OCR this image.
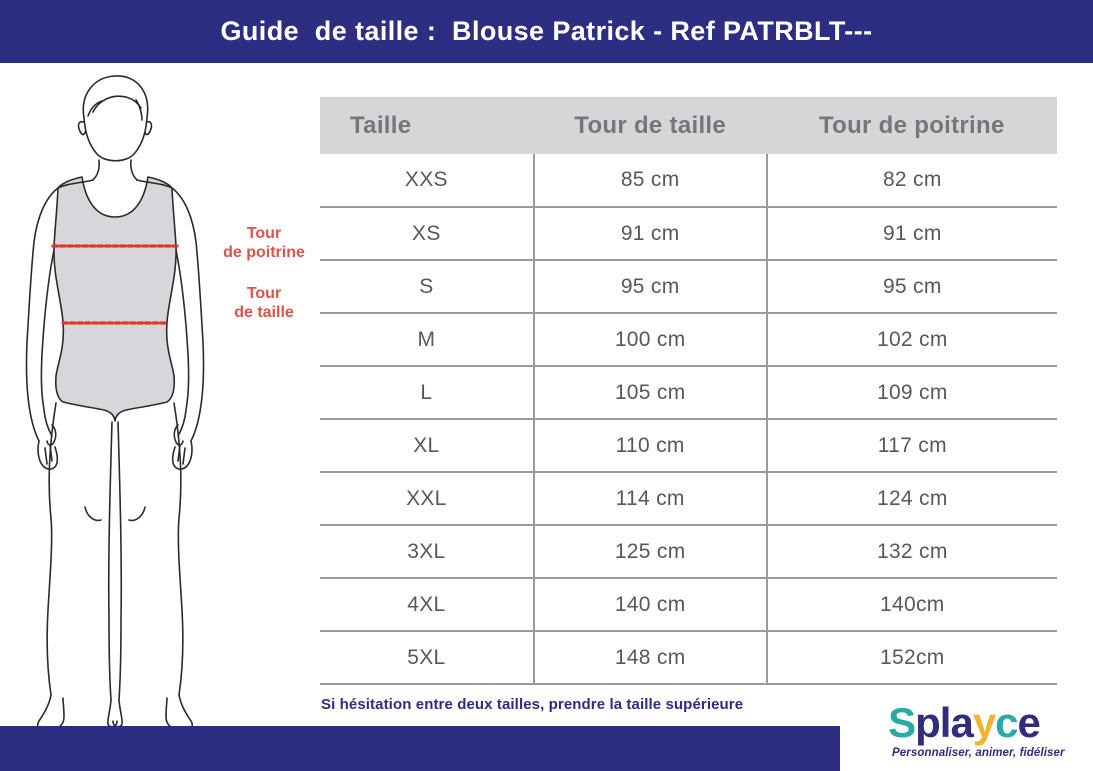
Guide  de taille :  Blouse Patrick - Ref PATRBLT---
Tour
de poitrine
Tour
de taille
Taille	Tour de taille	Tour de poitrine
XXS	85 cm	82 cm
XS	91 cm	91 cm
S	95 cm	95 cm
M	100 cm	102 cm
L	105 cm	109 cm
XL	110 cm	117 cm
XXL	114 cm	124 cm
3XL	125 cm	132 cm
4XL	140 cm	140cm
5XL	148 cm	152cm
Si hésitation entre deux tailles, prendre la taille supérieure	Splayce
Personnaliser, animer, fidéliser
